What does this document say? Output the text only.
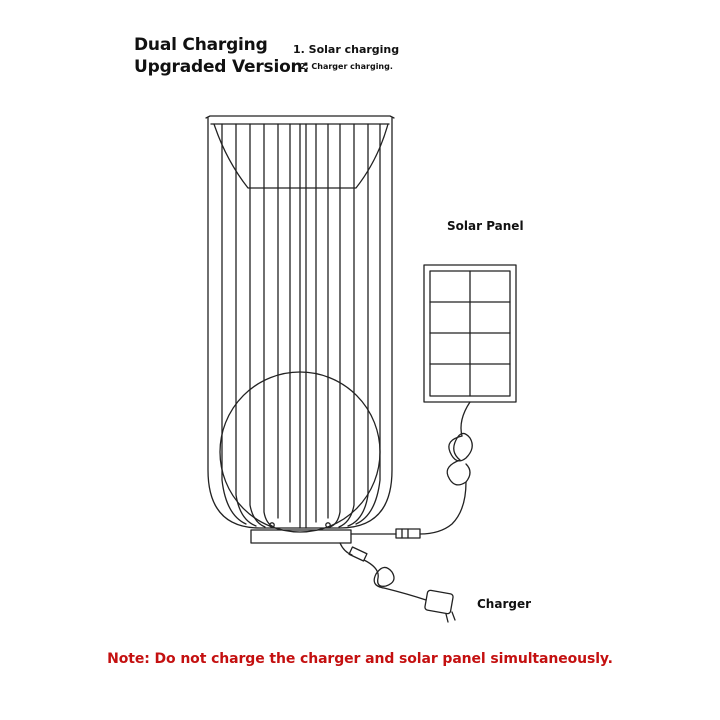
Dual Charging
Upgraded Version:
1. Solar charging
2. Charger charging.
Solar Panel
Charger
Note: Do not charge the charger and solar panel simultaneously.
